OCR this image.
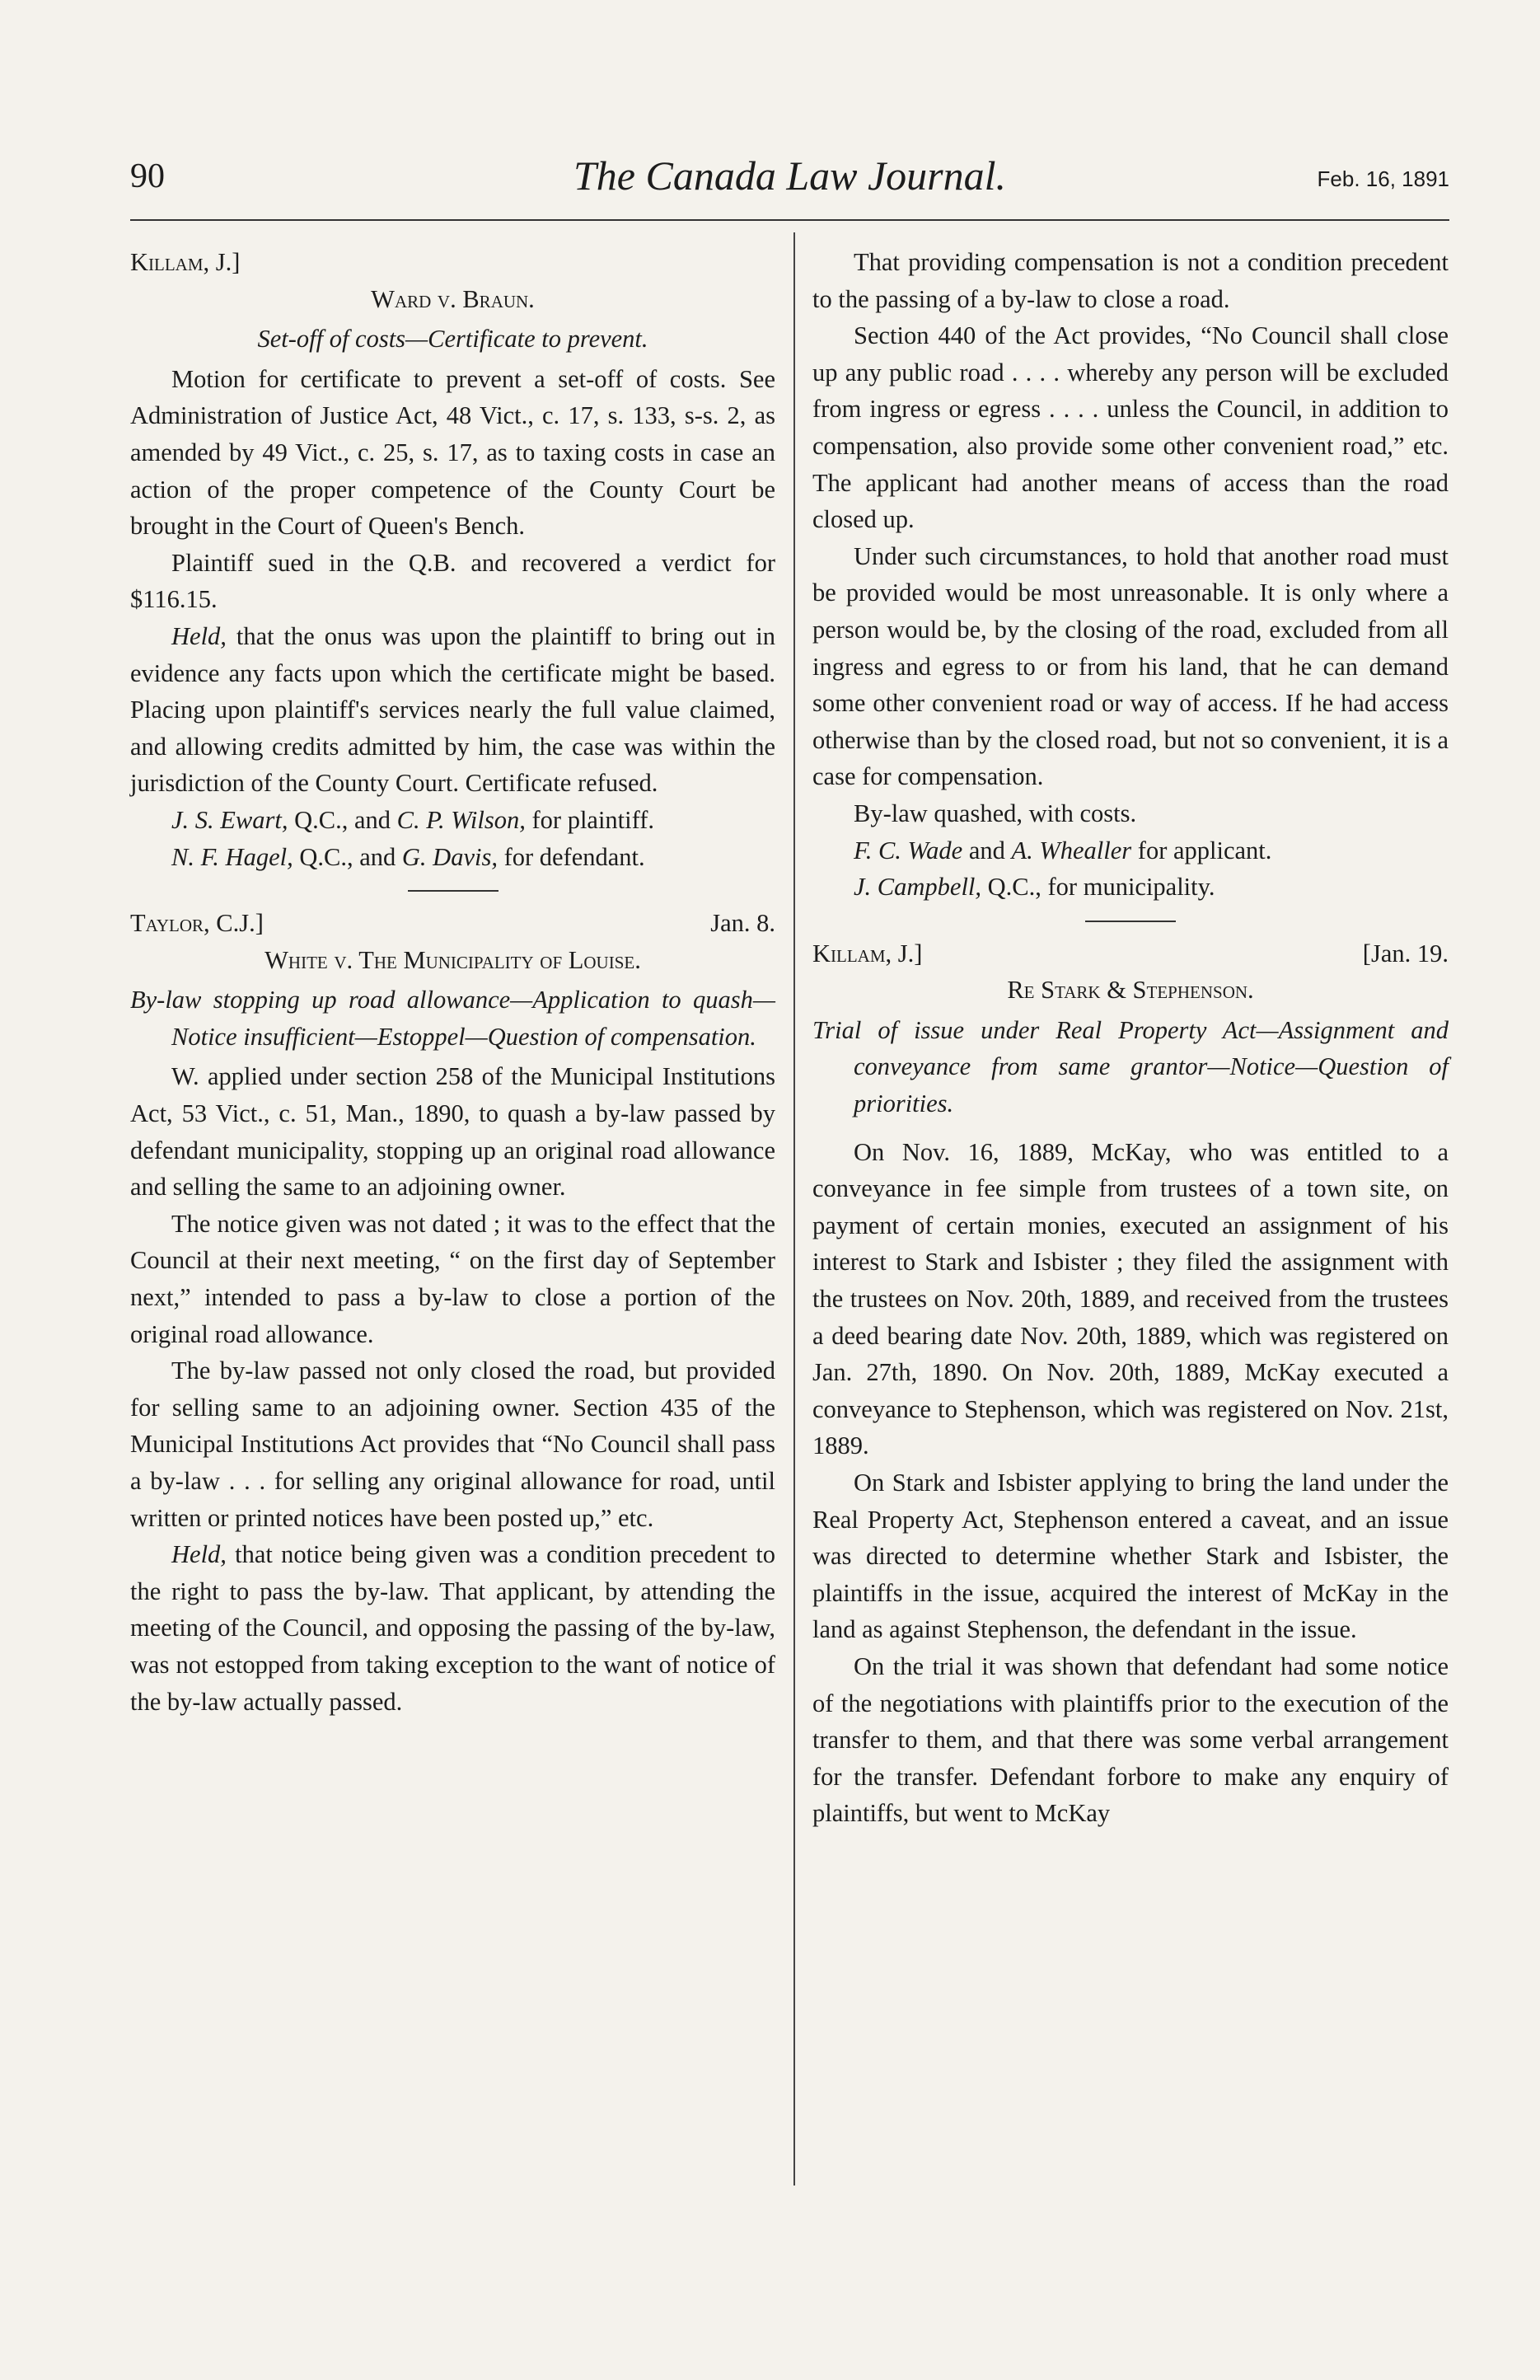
90	The Canada Law Journal.	Feb. 16, 1891

Killam, J.]

Ward v. Braun.

Set-off of costs—Certificate to prevent.

Motion for certificate to prevent a set-off of costs. See Administration of Justice Act, 48 Vict., c. 17, s. 133, s-s. 2, as amended by 49 Vict., c. 25, s. 17, as to taxing costs in case an action of the proper competence of the County Court be brought in the Court of Queen's Bench.

Plaintiff sued in the Q.B. and recovered a verdict for $116.15.

Held, that the onus was upon the plaintiff to bring out in evidence any facts upon which the certificate might be based. Placing upon plaintiff's services nearly the full value claimed, and allowing credits admitted by him, the case was within the jurisdiction of the County Court. Certificate refused.

J. S. Ewart, Q.C., and C. P. Wilson, for plaintiff.

N. F. Hagel, Q.C., and G. Davis, for defendant.

Taylor, C.J.]	Jan. 8.

White v. The Municipality of Louise.

By-law stopping up road allowance—Application to quash—Notice insufficient—Estoppel—Question of compensation.

W. applied under section 258 of the Municipal Institutions Act, 53 Vict., c. 51, Man., 1890, to quash a by-law passed by defendant municipality, stopping up an original road allowance and selling the same to an adjoining owner.

The notice given was not dated ; it was to the effect that the Council at their next meeting, “ on the first day of September next,” intended to pass a by-law to close a portion of the original road allowance.

The by-law passed not only closed the road, but provided for selling same to an adjoining owner. Section 435 of the Municipal Institutions Act provides that “No Council shall pass a by-law . . . for selling any original allowance for road, until written or printed notices have been posted up,” etc.

Held, that notice being given was a condition precedent to the right to pass the by-law. That applicant, by attending the meeting of the Council, and opposing the passing of the by-law, was not estopped from taking exception to the want of notice of the by-law actually passed.

That providing compensation is not a condition precedent to the passing of a by-law to close a road.

Section 440 of the Act provides, “No Council shall close up any public road . . . . whereby any person will be excluded from ingress or egress . . . . unless the Council, in addition to compensation, also provide some other convenient road,” etc. The applicant had another means of access than the road closed up.

Under such circumstances, to hold that another road must be provided would be most unreasonable. It is only where a person would be, by the closing of the road, excluded from all ingress and egress to or from his land, that he can demand some other convenient road or way of access. If he had access otherwise than by the closed road, but not so convenient, it is a case for compensation.

By-law quashed, with costs.

F. C. Wade and A. Whealler for applicant.

J. Campbell, Q.C., for municipality.

Killam, J.]	[Jan. 19.

Re Stark & Stephenson.

Trial of issue under Real Property Act—Assignment and conveyance from same grantor—Notice—Question of priorities.

On Nov. 16, 1889, McKay, who was entitled to a conveyance in fee simple from trustees of a town site, on payment of certain monies, executed an assignment of his interest to Stark and Isbister ; they filed the assignment with the trustees on Nov. 20th, 1889, and received from the trustees a deed bearing date Nov. 20th, 1889, which was registered on Jan. 27th, 1890. On Nov. 20th, 1889, McKay executed a conveyance to Stephenson, which was registered on Nov. 21st, 1889.

On Stark and Isbister applying to bring the land under the Real Property Act, Stephenson entered a caveat, and an issue was directed to determine whether Stark and Isbister, the plaintiffs in the issue, acquired the interest of McKay in the land as against Stephenson, the defendant in the issue.

On the trial it was shown that defendant had some notice of the negotiations with plaintiffs prior to the execution of the transfer to them, and that there was some verbal arrangement for the transfer. Defendant forbore to make any enquiry of plaintiffs, but went to McKay
